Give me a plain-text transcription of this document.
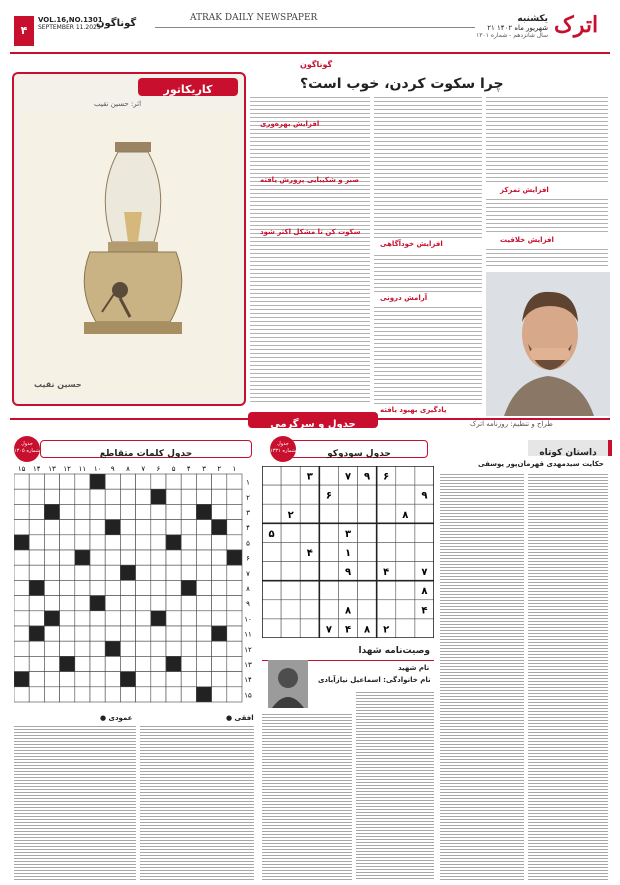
اترک
یکشنبه
۲۱ شهریور ماه ۱۴۰۲
سال شانزدهم - شماره ۱۳۰۱
ATRAK DAILY NEWSPAPER
۴
VOL.16,NO.1301
SEPTEMBER 11.2023
گوناگون
کاریکاتور
اثر: حسین نقیب
حسین نقیب
گوناگون
چرا سکوت کردن، خوب است؟
افزایش تمرکز
افزایش خلاقیت
افزایش خودآگاهی
آرامش درونی
افزایش بهره‌وری
صبر و شکیبایی پرورش یافته
سکوت کن تا مشکل اکثر شود
یادگیری بهبود یافته
جدول و سرگرمی	طراح و تنظیم: روزنامه اترک
داستان کوتاه
حکایت سیدمهدی قهرمان‌پور یوسفی
جدول سودوکو
جدول شماره ۱۳۳۱
۶
۹
۷
۳
۹
۶
۸
۲
۳
۵
۱
۴
۷
۴
۹
۸
۴
۸
۲
۸
۴
۷
وصیت‌نامه شهدا
نام شهید
نام خانوادگی: اسماعیل نیازآبادی
جدول کلمات متقاطع
جدول شماره ۱۳۰۵
۱۵ ۱۴ ۱۳ ۱۲ ۱۱ ۱۰ ۹ ۸ ۷ ۶ ۵ ۴ ۳ ۲ ۱
۱
۲
۳
۴
۵
۶
۷
۸
۹
۱۰
۱۱
۱۲
۱۳
۱۴
۱۵
● افقی
● عمودی
